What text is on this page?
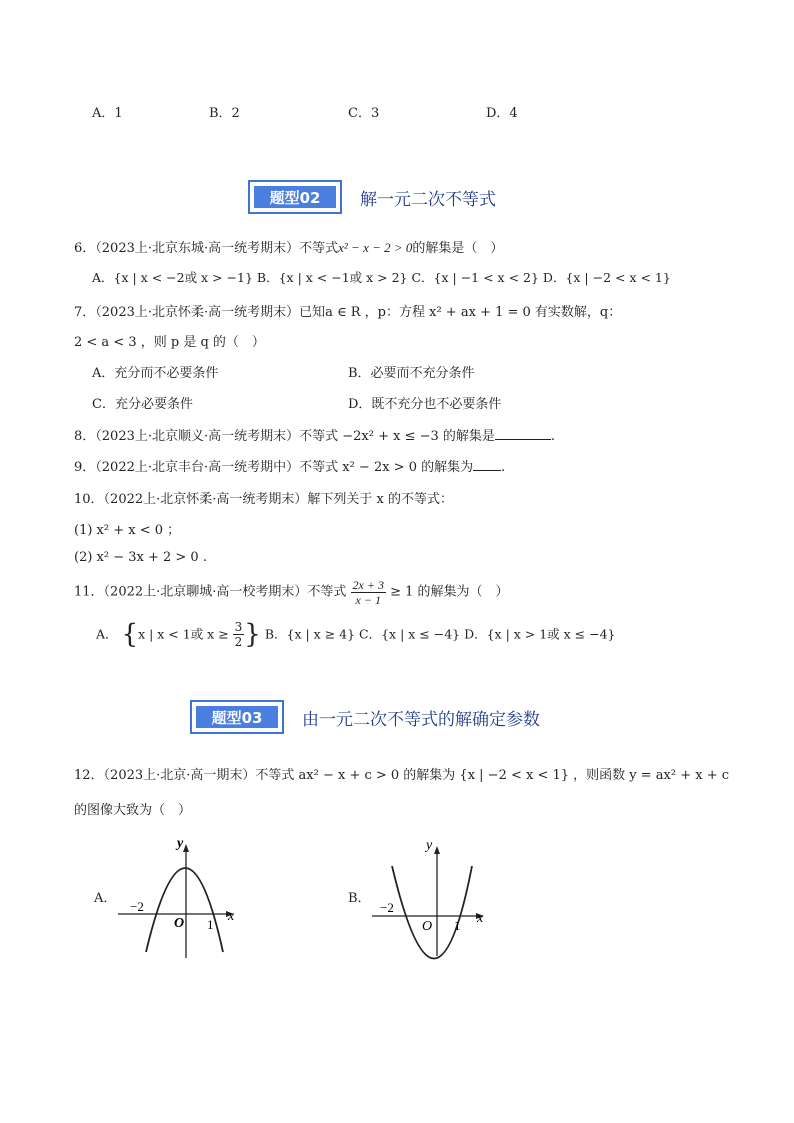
A．1	B．2	C．3	D．4
题型02	解一元二次不等式
6．（2023上·北京东城·高一统考期末）不等式x² − x − 2 > 0的解集是（　）
A．{x | x < −2或 x > −1} B．{x | x < −1或 x > 2} C．{x | −1 < x < 2} D．{x | −2 < x < 1}
7．（2023上·北京怀柔·高一统考期末）已知a ∈ R ，p：方程 x² + ax + 1 = 0 有实数解，q：
2 < a < 3 ，则 p 是 q 的（　）
A．充分而不必要条件	B．必要而不充分条件
C．充分必要条件	D．既不充分也不必要条件
8．（2023上·北京顺义·高一统考期末）不等式 −2x² + x ≤ −3 的解集是	.
9．（2022上·北京丰台·高一统考期中）不等式 x² − 2x > 0 的解集为 .
10．（2022上·北京怀柔·高一统考期末）解下列关于 x 的不等式：
(1) x² + x < 0 ；
(2) x² − 3x + 2 > 0 .
11．（2022上·北京聊城·高一校考期末）不等式 $\frac{2x + 3}{x - 1} \ge 1$ 的解集为（　）
A． {x | x < 1或 $x \ge \frac{3}{2}$ } B．{x | x ≥ 4} C．{x | x ≤ −4} D．{x | x > 1或 x ≤ −4}
题型03	由一元二次不等式的解确定参数
12．（2023上·北京·高一期末）不等式 ax² − x + c > 0 的解集为 {x | −2 < x < 1} ，则函数 y = ax² + x + c
的图像大致为（　）
A．
y
x
O
−2
1
B．
y
x
O
−2
1
